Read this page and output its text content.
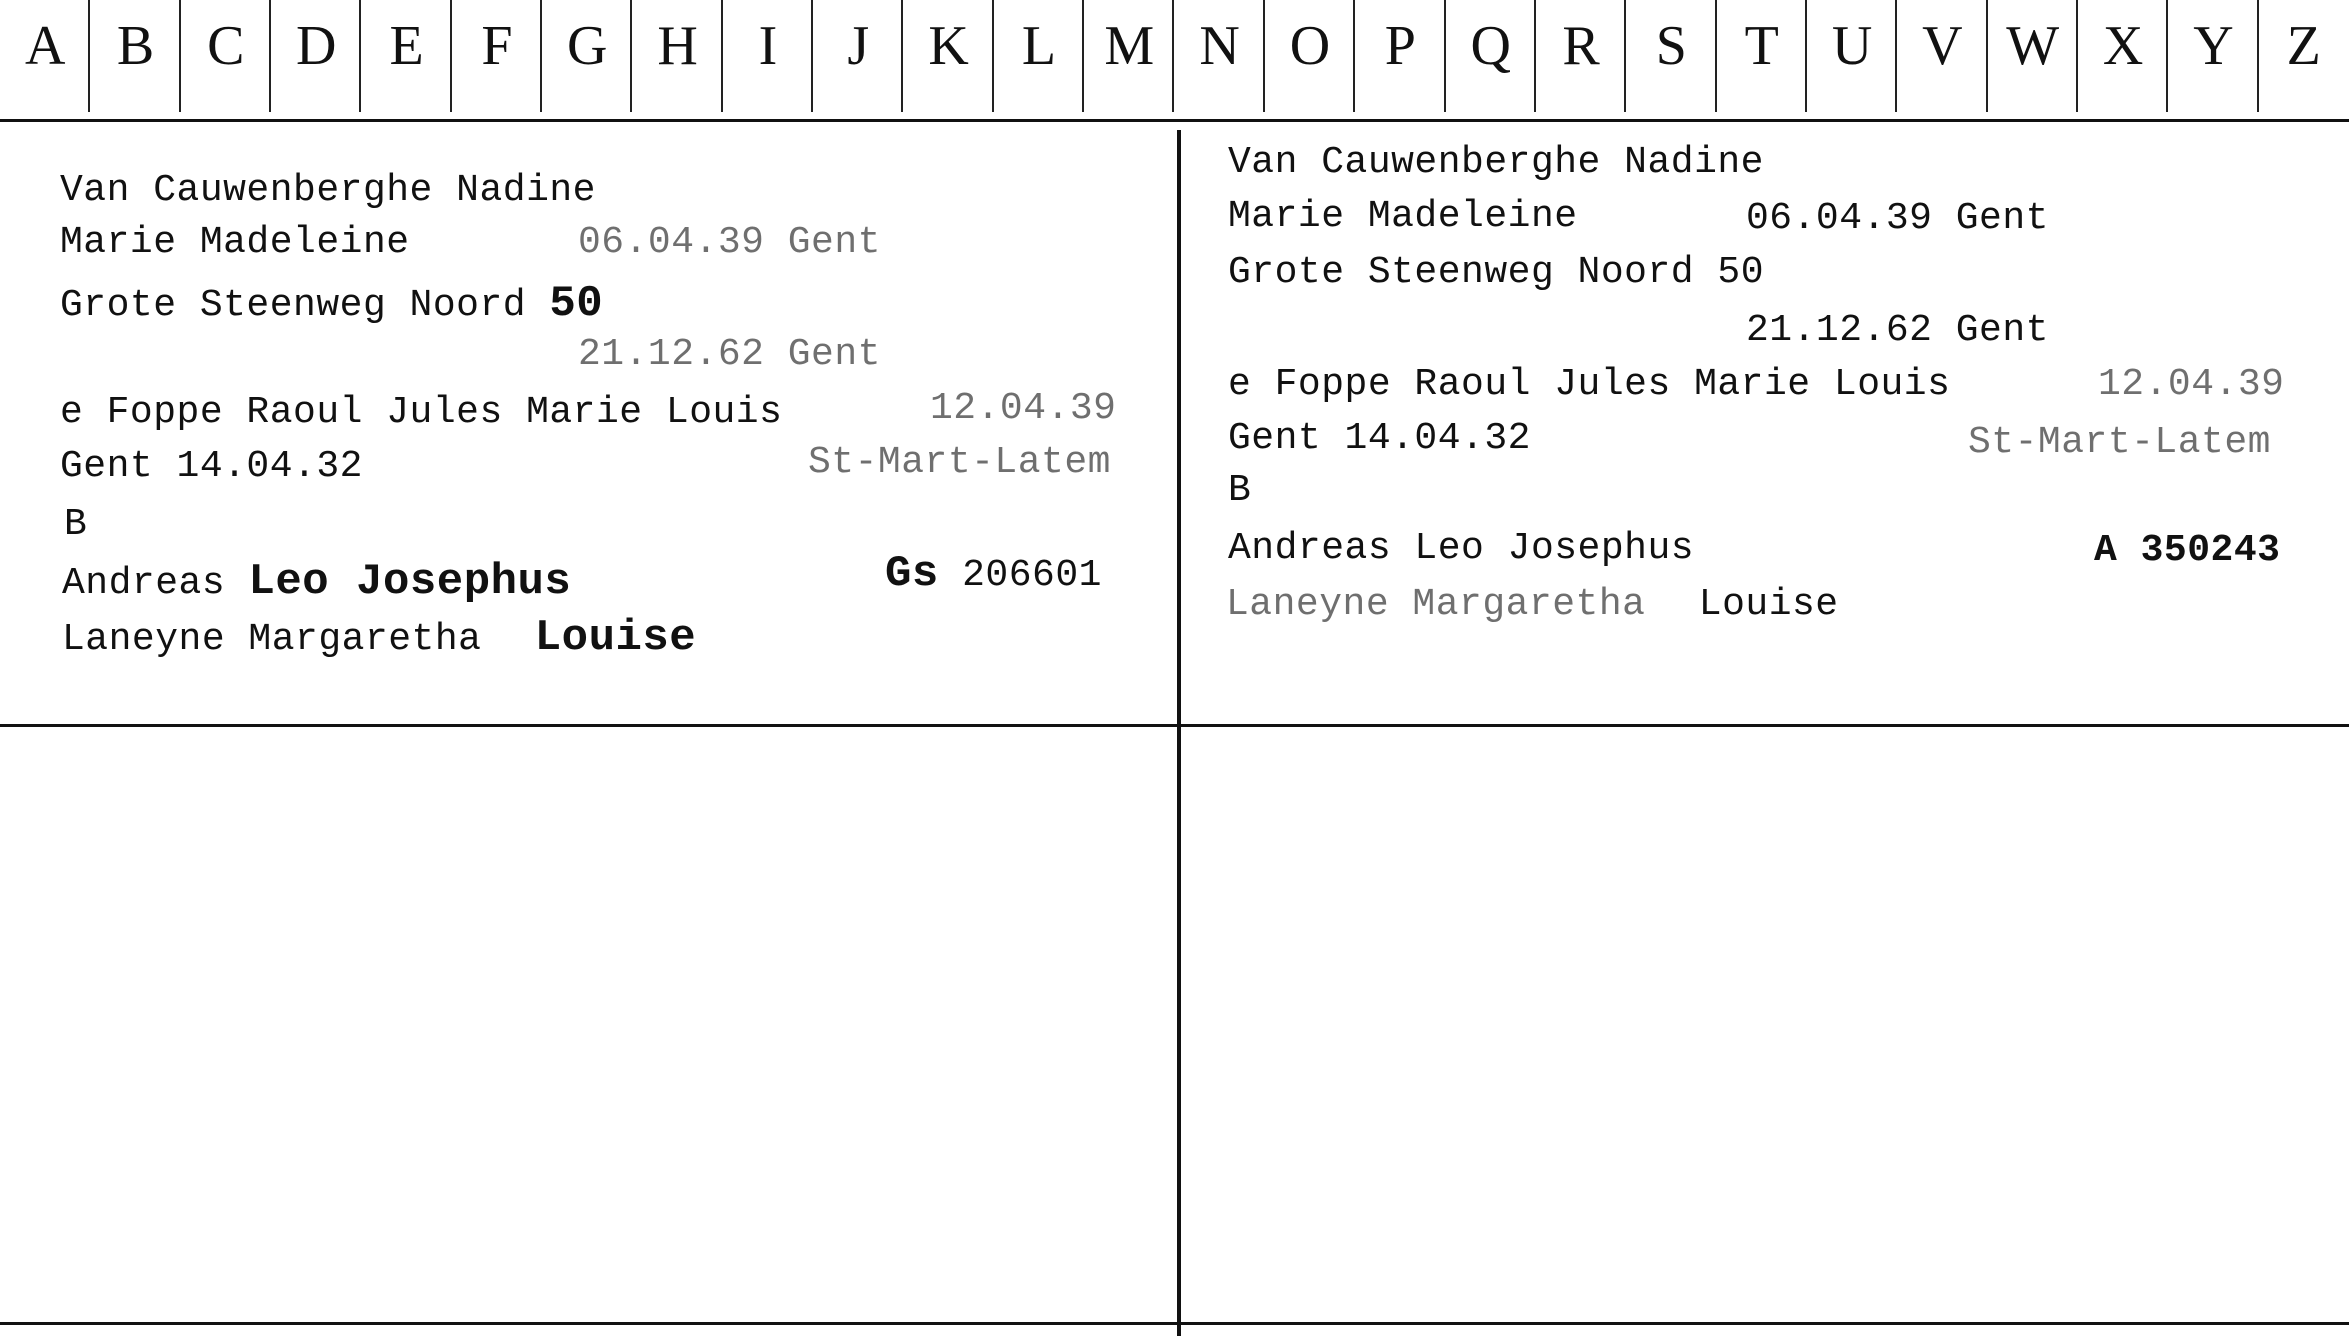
A B C D E	F G H	I	J	K L M N O P Q R	S	T U V W X Y Z
Van Cauwenberghe Nadine
Marie Madeleine	06.04.39 Gent
Grote Steenweg Noord 50
21.12.62 Gent
e Foppe Raoul Jules Marie Louis	12.04.39
Gent 14.04.32	St-Mart-Latem
B
Andreas Leo Josephus	Gs 206601
Laneyne Margaretha Louise
Van Cauwenberghe Nadine
Marie Madeleine	06.04.39 Gent
Grote Steenweg Noord 50
21.12.62 Gent
e Foppe Raoul Jules Marie Louis	12.04.39
Gent 14.04.32	St-Mart-Latem
B
Andreas Leo Josephus	A 350243
Laneyne Margaretha Louise
